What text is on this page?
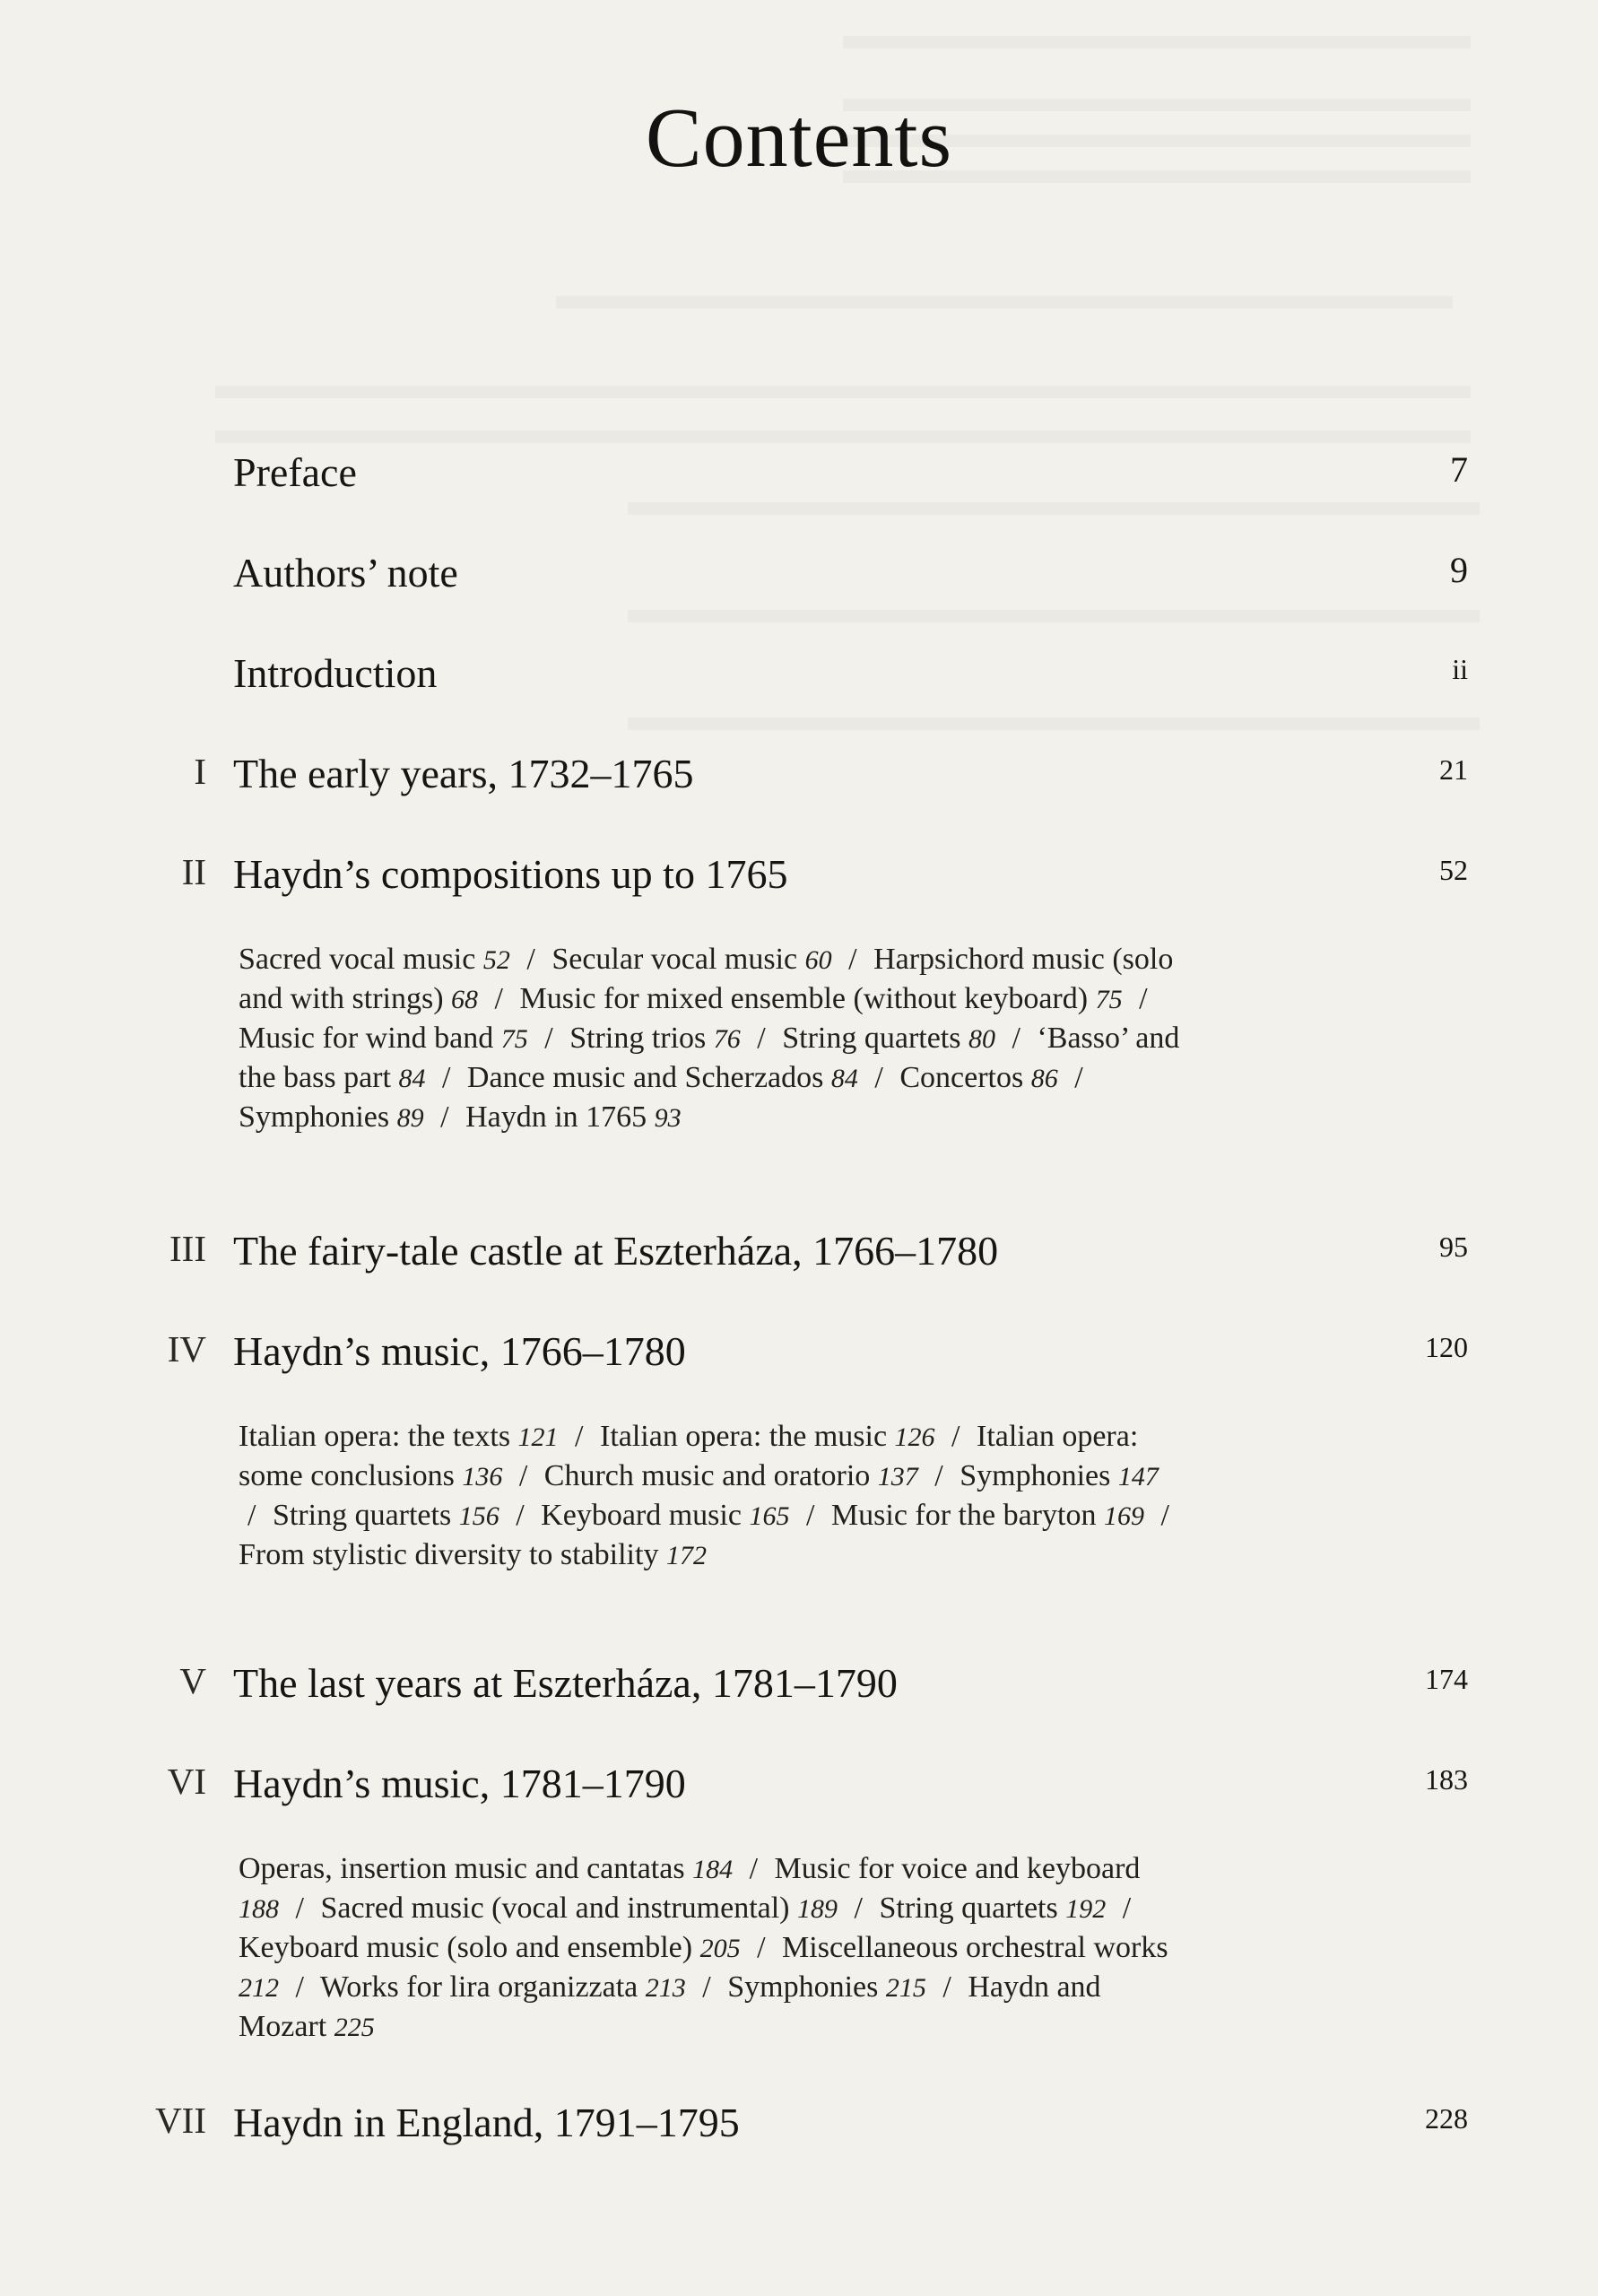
Contents
Preface	7
Authors’ note	9
Introduction	ii
I The early years, 1732–1765	21
II Haydn’s compositions up to 1765	52
Sacred vocal music 52 / Secular vocal music 60 / Harpsichord music (solo and with strings) 68 / Music for mixed ensemble (without keyboard) 75 / Music for wind band 75 / String trios 76 / String quartets 80 / ‘Basso’ and the bass part 84 / Dance music and Scherzados 84 / Concertos 86 / Symphonies 89 / Haydn in 1765 93
III The fairy-tale castle at Eszterháza, 1766–1780	95
IV Haydn’s music, 1766–1780	120
Italian opera: the texts 121 / Italian opera: the music 126 / Italian opera: some conclusions 136 / Church music and oratorio 137 / Symphonies 147 / String quartets 156 / Keyboard music 165 / Music for the baryton 169 / From stylistic diversity to stability 172
V The last years at Eszterháza, 1781–1790	174
VI Haydn’s music, 1781–1790	183
Operas, insertion music and cantatas 184 / Music for voice and keyboard 188 / Sacred music (vocal and instrumental) 189 / String quartets 192 / Keyboard music (solo and ensemble) 205 / Miscellaneous orchestral works 212 / Works for lira organizzata 213 / Symphonies 215 / Haydn and Mozart 225
VII Haydn in England, 1791–1795	228
